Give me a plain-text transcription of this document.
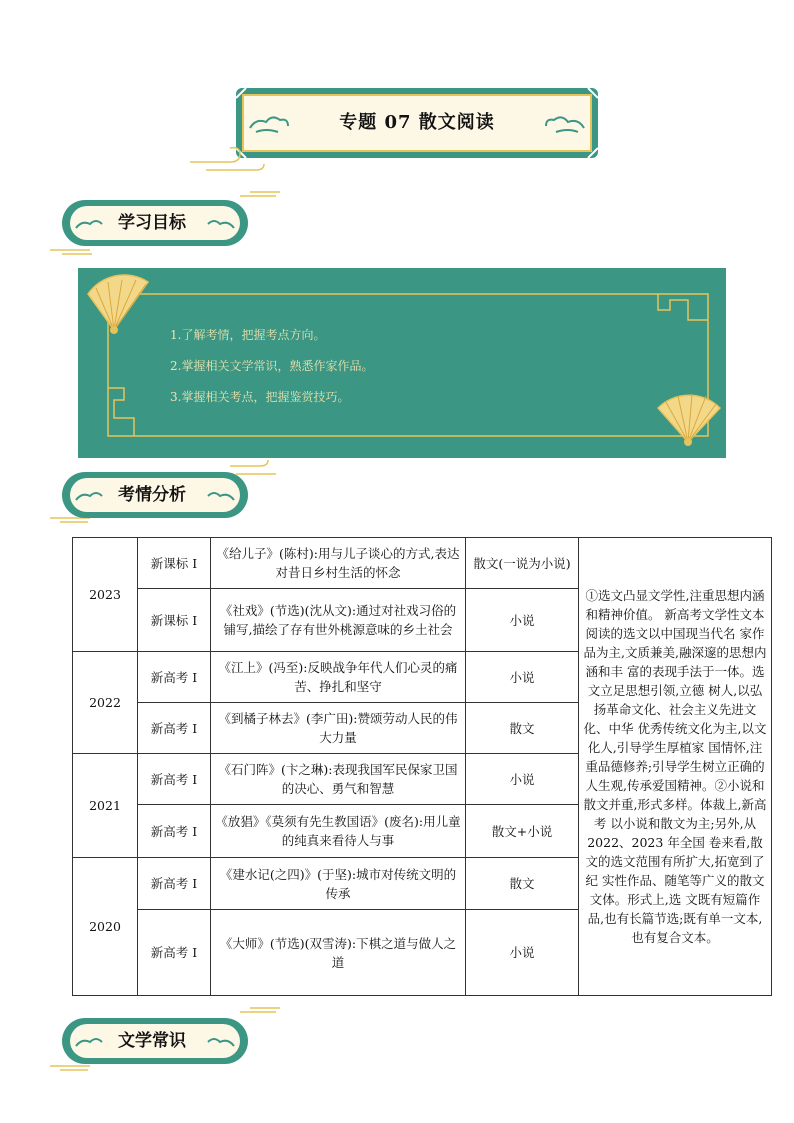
专题 07 散文阅读
学习目标
1.了解考情，把握考点方向。
2.掌握相关文学常识，熟悉作家作品。
3.掌握相关考点，把握鉴赏技巧。
考情分析
2023	新课标 I	《给儿子》(陈村):用与儿子谈心的方式,表达对昔日乡村生活的怀念	散文(一说为小说)	①选文凸显文学性,注重思想内涵和精神价值。 新高考文学性文本阅读的选文以中国现当代名 家作品为主,文质兼美,融深邃的思想内涵和丰 富的表现手法于一体。选文立足思想引领,立德 树人,以弘扬革命文化、社会主义先进文化、中华 优秀传统文化为主,以文化人,引导学生厚植家 国情怀,注重品德修养;引导学生树立正确的人生观,传承爱国精神。②小说和散文并重,形式多样。体裁上,新高考 以小说和散文为主;另外,从 2022、2023 年全国 卷来看,散文的选文范围有所扩大,拓宽到了纪 实性作品、随笔等广义的散文文体。形式上,选 文既有短篇作品,也有长篇节选;既有单一文本, 也有复合文本。
	新课标 I	《社戏》(节选)(沈从文):通过对社戏习俗的铺写,描绘了存有世外桃源意味的乡土社会	小说	
2022	新高考 I	《江上》(冯至):反映战争年代人们心灵的痛苦、挣扎和坚守	小说	
	新高考 I	《到橘子林去》(李广田):赞颂劳动人民的伟大力量	散文	
2021	新高考 I	《石门阵》(卞之琳):表现我国军民保家卫国的决心、勇气和智慧	小说	
	新高考 I	《放猖》《莫须有先生教国语》(废名):用儿童的纯真来看待人与事	散文+小说	
2020	新高考 I	《建水记(之四)》(于坚):城市对传统文明的传承	散文	
	新高考 I	《大师》(节选)(双雪涛):下棋之道与做人之道	小说	
文学常识
